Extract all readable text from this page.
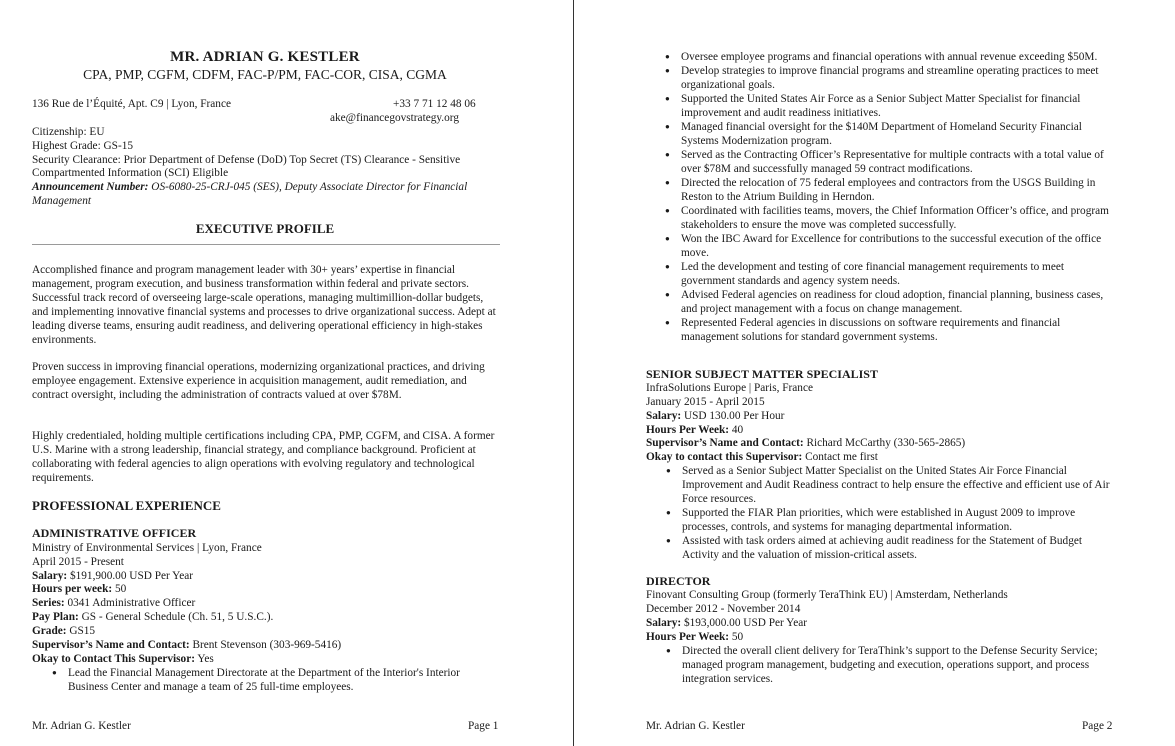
MR. ADRIAN G. KESTLER
CPA, PMP, CGFM, CDFM, FAC-P/PM, FAC-COR, CISA, CGMA
136 Rue de l’Équité, Apt. C9 | Lyon, France	+33 7 71 12 48 06
ake@financegovstrategy.org
Citizenship: EU
Highest Grade: GS-15
Security Clearance: Prior Department of Defense (DoD) Top Secret (TS) Clearance - Sensitive
Compartmented Information (SCI) Eligible
Announcement Number: OS-6080-25-CRJ-045 (SES), Deputy Associate Director for Financial
Management
EXECUTIVE PROFILE
Accomplished finance and program management leader with 30+ years’ expertise in financial management, program execution, and business transformation within federal and private sectors. Successful track record of overseeing large-scale operations, managing multimillion-dollar budgets, and implementing innovative financial systems and processes to drive organizational success. Adept at leading diverse teams, ensuring audit readiness, and delivering operational efficiency in high-stakes environments.
Proven success in improving financial operations, modernizing organizational practices, and driving employee engagement. Extensive experience in acquisition management, audit remediation, and contract oversight, including the administration of contracts valued at over $78M.
Highly credentialed, holding multiple certifications including CPA, PMP, CGFM, and CISA. A former U.S. Marine with a strong leadership, financial strategy, and compliance background. Proficient at collaborating with federal agencies to align operations with evolving regulatory and technological requirements.
PROFESSIONAL EXPERIENCE
ADMINISTRATIVE OFFICER
Ministry of Environmental Services | Lyon, France
April 2015 - Present
Salary: $191,900.00 USD Per Year
Hours per week: 50
Series: 0341 Administrative Officer
Pay Plan: GS - General Schedule (Ch. 51, 5 U.S.C.).
Grade: GS15
Supervisor’s Name and Contact: Brent Stevenson (303-969-5416)
Okay to Contact This Supervisor: Yes
● Lead the Financial Management Directorate at the Department of the Interior's Interior Business Center and manage a team of 25 full-time employees.
Mr. Adrian G. Kestler	Page 1
● Oversee employee programs and financial operations with annual revenue exceeding $50M.
● Develop strategies to improve financial programs and streamline operating practices to meet organizational goals.
● Supported the United States Air Force as a Senior Subject Matter Specialist for financial improvement and audit readiness initiatives.
● Managed financial oversight for the $140M Department of Homeland Security Financial Systems Modernization program.
● Served as the Contracting Officer’s Representative for multiple contracts with a total value of over $78M and successfully managed 59 contract modifications.
● Directed the relocation of 75 federal employees and contractors from the USGS Building in Reston to the Atrium Building in Herndon.
● Coordinated with facilities teams, movers, the Chief Information Officer’s office, and program stakeholders to ensure the move was completed successfully.
● Won the IBC Award for Excellence for contributions to the successful execution of the office move.
● Led the development and testing of core financial management requirements to meet government standards and agency system needs.
● Advised Federal agencies on readiness for cloud adoption, financial planning, business cases, and project management with a focus on change management.
● Represented Federal agencies in discussions on software requirements and financial management solutions for standard government systems.
SENIOR SUBJECT MATTER SPECIALIST
InfraSolutions Europe | Paris, France
January 2015 - April 2015
Salary: USD 130.00 Per Hour
Hours Per Week: 40
Supervisor’s Name and Contact: Richard McCarthy (330-565-2865)
Okay to contact this Supervisor: Contact me first
● Served as a Senior Subject Matter Specialist on the United States Air Force Financial Improvement and Audit Readiness contract to help ensure the effective and efficient use of Air Force resources.
● Supported the FIAR Plan priorities, which were established in August 2009 to improve processes, controls, and systems for managing departmental information.
● Assisted with task orders aimed at achieving audit readiness for the Statement of Budget Activity and the valuation of mission-critical assets.
DIRECTOR
Finovant Consulting Group (formerly TeraThink EU) | Amsterdam, Netherlands
December 2012 - November 2014
Salary: $193,000.00 USD Per Year
Hours Per Week: 50
● Directed the overall client delivery for TeraThink’s support to the Defense Security Service; managed program management, budgeting and execution, operations support, and process integration services.
Mr. Adrian G. Kestler	Page 2
